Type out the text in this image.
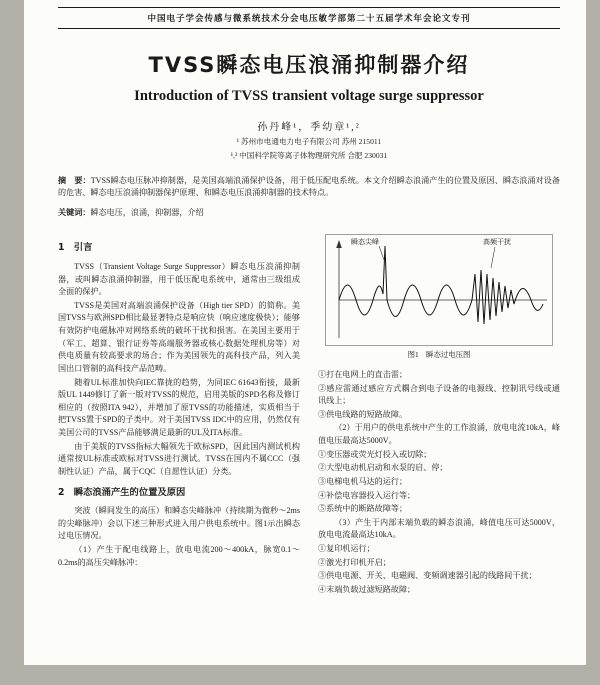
中国电子学会传感与微系统技术分会电压敏学部第二十五届学术年会论文专刊
TVSS瞬态电压浪涌抑制器介绍
Introduction of TVSS transient voltage surge suppressor
孙丹峰¹，季幼章¹,²
¹ 苏州市电通电力电子有限公司 苏州 215011
¹,² 中国科学院等离子体物理研究所 合肥 230031

摘　要：TVSS瞬态电压脉冲抑制器，是美国高端浪涌保护设备，用于低压配电系统。本文介绍瞬态浪涌产生的位置及原因、瞬态浪涌对设备的危害、瞬态电压浪涌抑制器保护原理、和瞬态电压浪涌抑制器的技术特点。

关键词：瞬态电压，浪涌，抑制器，介绍

1　引言

TVSS（Transient Voltage Surge Suppressor）瞬态电压浪涌抑制器，或叫瞬态浪涌抑制器，用于低压配电系统中，通常由三级组成全面的保护。

TVSS是美国对高端浪涌保护设备（High tier SPD）的简称。美国TVSS与欧洲SPD相比最显著特点是响应快（响应速度极快）；能够有效防护电磁脉冲对网络系统的破坏干扰和损害。在美国主要用于（军工、超算、银行证券等高端服务器或核心数据处理机房等）对供电质量有较高要求的场合；作为美国领先的高科技产品，列入美国出口管制的高科技产品范畴。

随着UL标准加快向IEC靠拢的趋势，为同IEC 61643衔接，最新版UL 1449修订了新一版对TVSS的规范，启用美版的SPD名称及修订相应的（按照ITA 942），并增加了原TVSS的功能描述，实质相当于把TVSS置于SPD的子类中。对于美国TVSS IDC中的应用，仍然仅有美国公司的TVSS产品能够满足最新的UL及ITA标准。

由于美版的TVSS指标大幅领先于欧标SPD，因此国内测试机构通常按UL标准或欧标对TVSS进行测试。TVSS在国内不属CCC（强制性认证）产品，属于CQC（自愿性认证）分类。

2　瞬态浪涌产生的位置及原因

突波（瞬间发生的高压）和瞬态尖峰脉冲（持续期为微秒～2ms的尖峰脉冲）会以下述三种形式进入用户供电系统中。图1示出瞬态过电压情况。

（1）产生于配电线路上，放电电流200～400kA，脉宽0.1～0.2ms的高压尖峰脉冲：

瞬态尖峰	高频干扰

图1　瞬态过电压图

①打在电网上的直击雷；

②感应雷通过感应方式耦合到电子设备的电源线、控制讯号线或通讯线上；

③供电线路的短路故障。

（2）于用户的供电系统中产生的工作浪涌，放电电流10kA，峰值电压最高达5000V。

①变压器或荧光灯投入或切除；

②大型电动机启动和水泵的启、停；

③电梯电机马达的运行；

④补偿电容器投入运行等；

⑤系统中的断路故障等；

（3）产生于内部末端负载的瞬态浪涌，峰值电压可达5000V，放电电流最高达10kA。

①复印机运行；

②激光打印机开启；

③供电电源、开关、电磁阀、变频调速器引起的线路间干扰；

④末端负载过滤短路故障；
